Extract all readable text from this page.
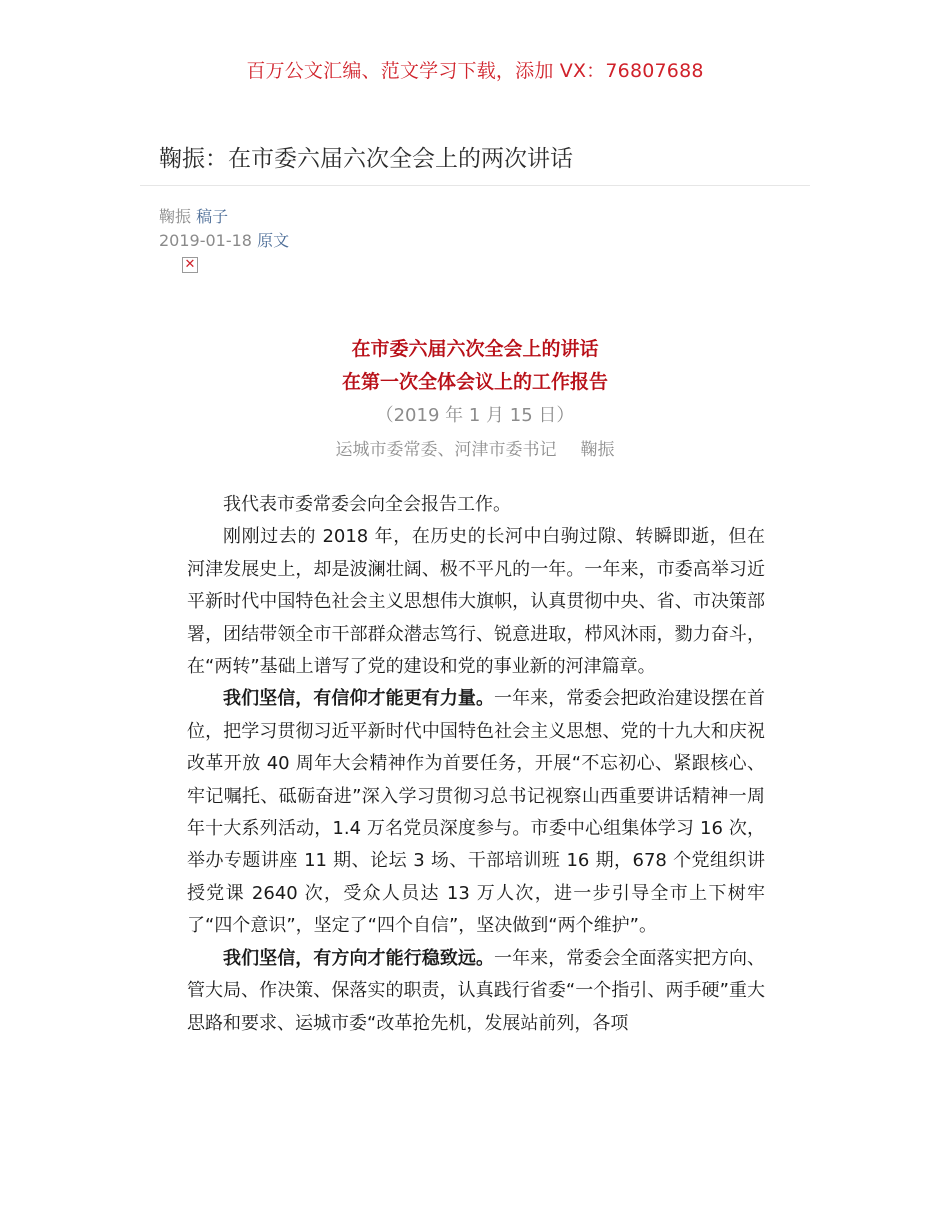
百万公文汇编、范文学习下载，添加 VX：76807688
鞠振：在市委六届六次全会上的两次讲话
鞠振 稿子
2019-01-18 原文
✕
在市委六届六次全会上的讲话
在第一次全体会议上的工作报告
（2019 年 1 月 15 日）
运城市委常委、河津市委书记 鞠振

我代表市委常委会向全会报告工作。

刚刚过去的 2018 年，在历史的长河中白驹过隙、转瞬即逝，但在河津发展史上，却是波澜壮阔、极不平凡的一年。一年来，市委高举习近平新时代中国特色社会主义思想伟大旗帜，认真贯彻中央、省、市决策部署，团结带领全市干部群众潜志笃行、锐意进取，栉风沐雨，勠力奋斗，在“两转”基础上谱写了党的建设和党的事业新的河津篇章。

我们坚信，有信仰才能更有力量。一年来，常委会把政治建设摆在首位，把学习贯彻习近平新时代中国特色社会主义思想、党的十九大和庆祝改革开放 40 周年大会精神作为首要任务，开展“不忘初心、紧跟核心、牢记嘱托、砥砺奋进”深入学习贯彻习总书记视察山西重要讲话精神一周年十大系列活动，1.4 万名党员深度参与。市委中心组集体学习 16 次，举办专题讲座 11 期、论坛 3 场、干部培训班 16 期，678 个党组织讲授党课 2640 次，受众人员达 13 万人次，进一步引导全市上下树牢了“四个意识”，坚定了“四个自信”，坚决做到“两个维护”。

我们坚信，有方向才能行稳致远。一年来，常委会全面落实把方向、管大局、作决策、保落实的职责，认真践行省委“一个指引、两手硬”重大思路和要求、运城市委“改革抢先机，发展站前列，各项
